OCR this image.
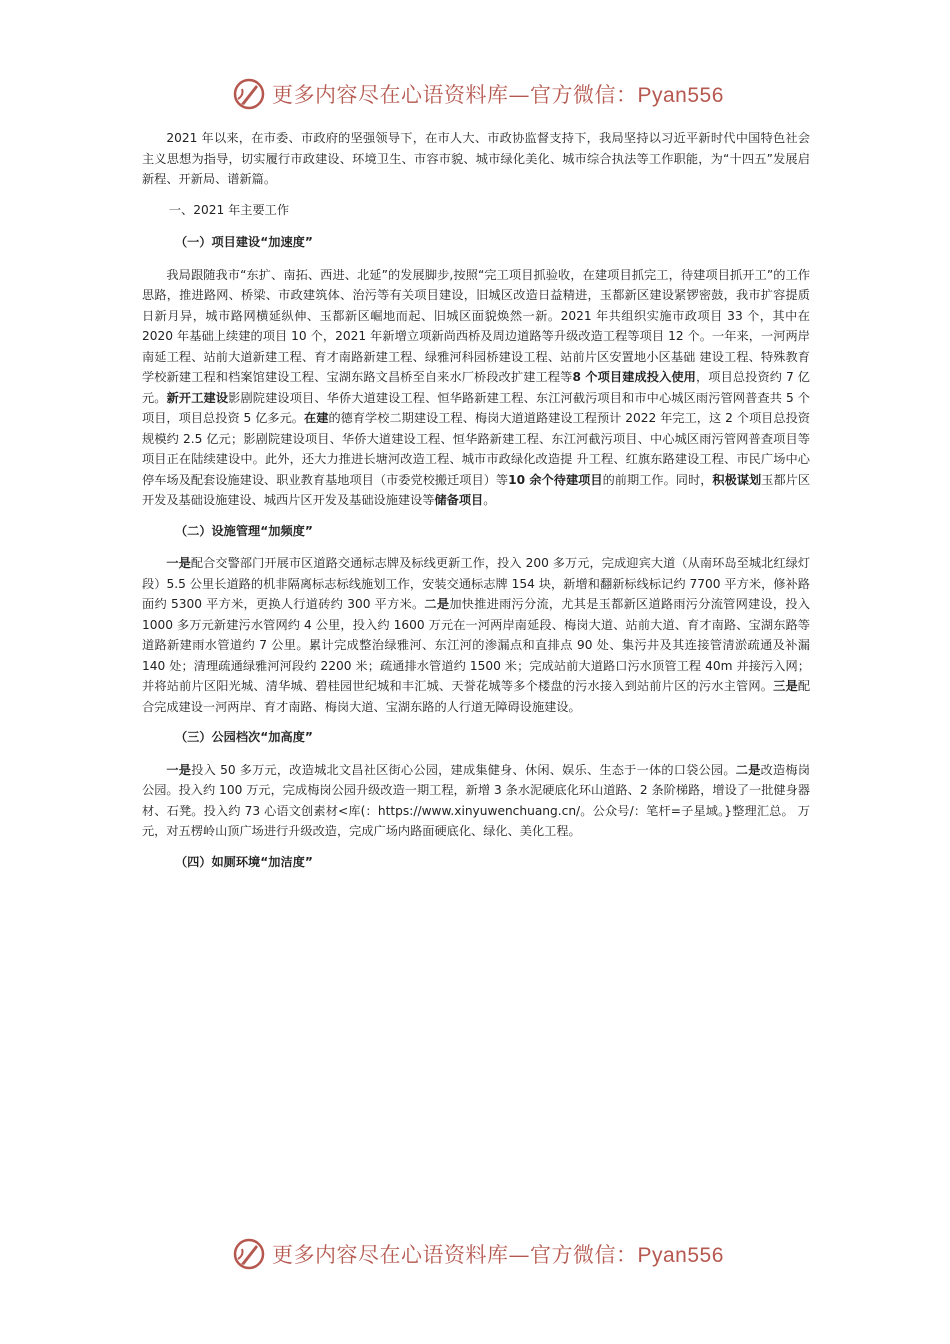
更多内容尽在心语资料库—官方微信：Pyan556

2021 年以来，在市委、市政府的坚强领导下，在市人大、市政协监督支持下，我局坚持以习近平新时代中国特色社会主义思想为指导，切实履行市政建设、环境卫生、市容市貌、城市绿化美化、城市综合执法等工作职能，为“十四五”发展启新程、开新局、谱新篇。

一、2021 年主要工作
（一）项目建设“加速度”

我局跟随我市“东扩、南拓、西进、北延”的发展脚步,按照“完工项目抓验收，在建项目抓完工，待建项目抓开工”的工作思路，推进路网、桥梁、市政建筑体、治污等有关项目建设，旧城区改造日益精进，玉都新区建设紧锣密鼓，我市扩容提质日新月异，城市路网横延纵伸、玉都新区崛地而起、旧城区面貌焕然一新。2021 年共组织实施市政项目 33 个，其中在 2020 年基础上续建的项目 10 个，2021 年新增立项新尚西桥及周边道路等升级改造工程等项目 12 个。一年来，一河两岸南延工程、站前大道新建工程、育才南路新建工程、绿雅河科园桥建设工程、站前片区安置地小区基础 建设工程、特殊教育学校新建工程和档案馆建设工程、宝湖东路文昌桥至自来水厂桥段改扩建工程等8 个项目建成投入使用，项目总投资约 7 亿元。新开工建设影剧院建设项目、华侨大道建设工程、恒华路新建工程、东江河截污项目和市中心城区雨污管网普查共 5 个项目，项目总投资 5 亿多元。在建的德育学校二期建设工程、梅岗大道道路建设工程预计 2022 年完工，这 2 个项目总投资规模约 2.5 亿元；影剧院建设项目、华侨大道建设工程、恒华路新建工程、东江河截污项目、中心城区雨污管网普查项目等项目正在陆续建设中。此外，还大力推进长塘河改造工程、城市市政绿化改造提 升工程、红旗东路建设工程、市民广场中心停车场及配套设施建设、职业教育基地项目（市委党校搬迁项目）等10 余个待建项目的前期工作。同时，积极谋划玉都片区开发及基础设施建设、城西片区开发及基础设施建设等储备项目。

（二）设施管理“加频度”

一是配合交警部门开展市区道路交通标志牌及标线更新工作，投入 200 多万元，完成迎宾大道（从南环岛至城北红绿灯段）5.5 公里长道路的机非隔离标志标线施划工作，安装交通标志牌 154 块，新增和翻新标线标记约 7700 平方米，修补路面约 5300 平方米，更换人行道砖约 300 平方米。二是加快推进雨污分流，尤其是玉都新区道路雨污分流管网建设，投入 1000 多万元新建污水管网约 4 公里，投入约 1600 万元在一河两岸南延段、梅岗大道、站前大道、育才南路、宝湖东路等道路新建雨水管道约 7 公里。累计完成整治绿雅河、东江河的渗漏点和直排点 90 处、集污井及其连接管清淤疏通及补漏 140 处；清理疏通绿雅河河段约 2200 米；疏通排水管道约 1500 米；完成站前大道路口污水顶管工程 40m 并接污入网；并将站前片区阳光城、清华城、碧桂园世纪城和丰汇城、天誉花城等多个楼盘的污水接入到站前片区的污水主管网。三是配合完成建设一河两岸、育才南路、梅岗大道、宝湖东路的人行道无障碍设施建设。

（三）公园档次“加高度”

一是投入 50 多万元，改造城北文昌社区街心公园，建成集健身、休闲、娱乐、生态于一体的口袋公园。二是改造梅岗公园。投入约 100 万元，完成梅岗公园升级改造一期工程，新增 3 条水泥硬底化环山道路、2 条阶梯路，增设了一批健身器材、石凳。投入约 73 心语文创素材<库(：https://www.xinyuwenchuang.cn/。公众号/：笔杆=子星域。}整理汇总。 万元，对五楞岭山顶广场进行升级改造，完成广场内路面硬底化、绿化、美化工程。

（四）如厕环境“加洁度”
更多内容尽在心语资料库—官方微信：Pyan556
